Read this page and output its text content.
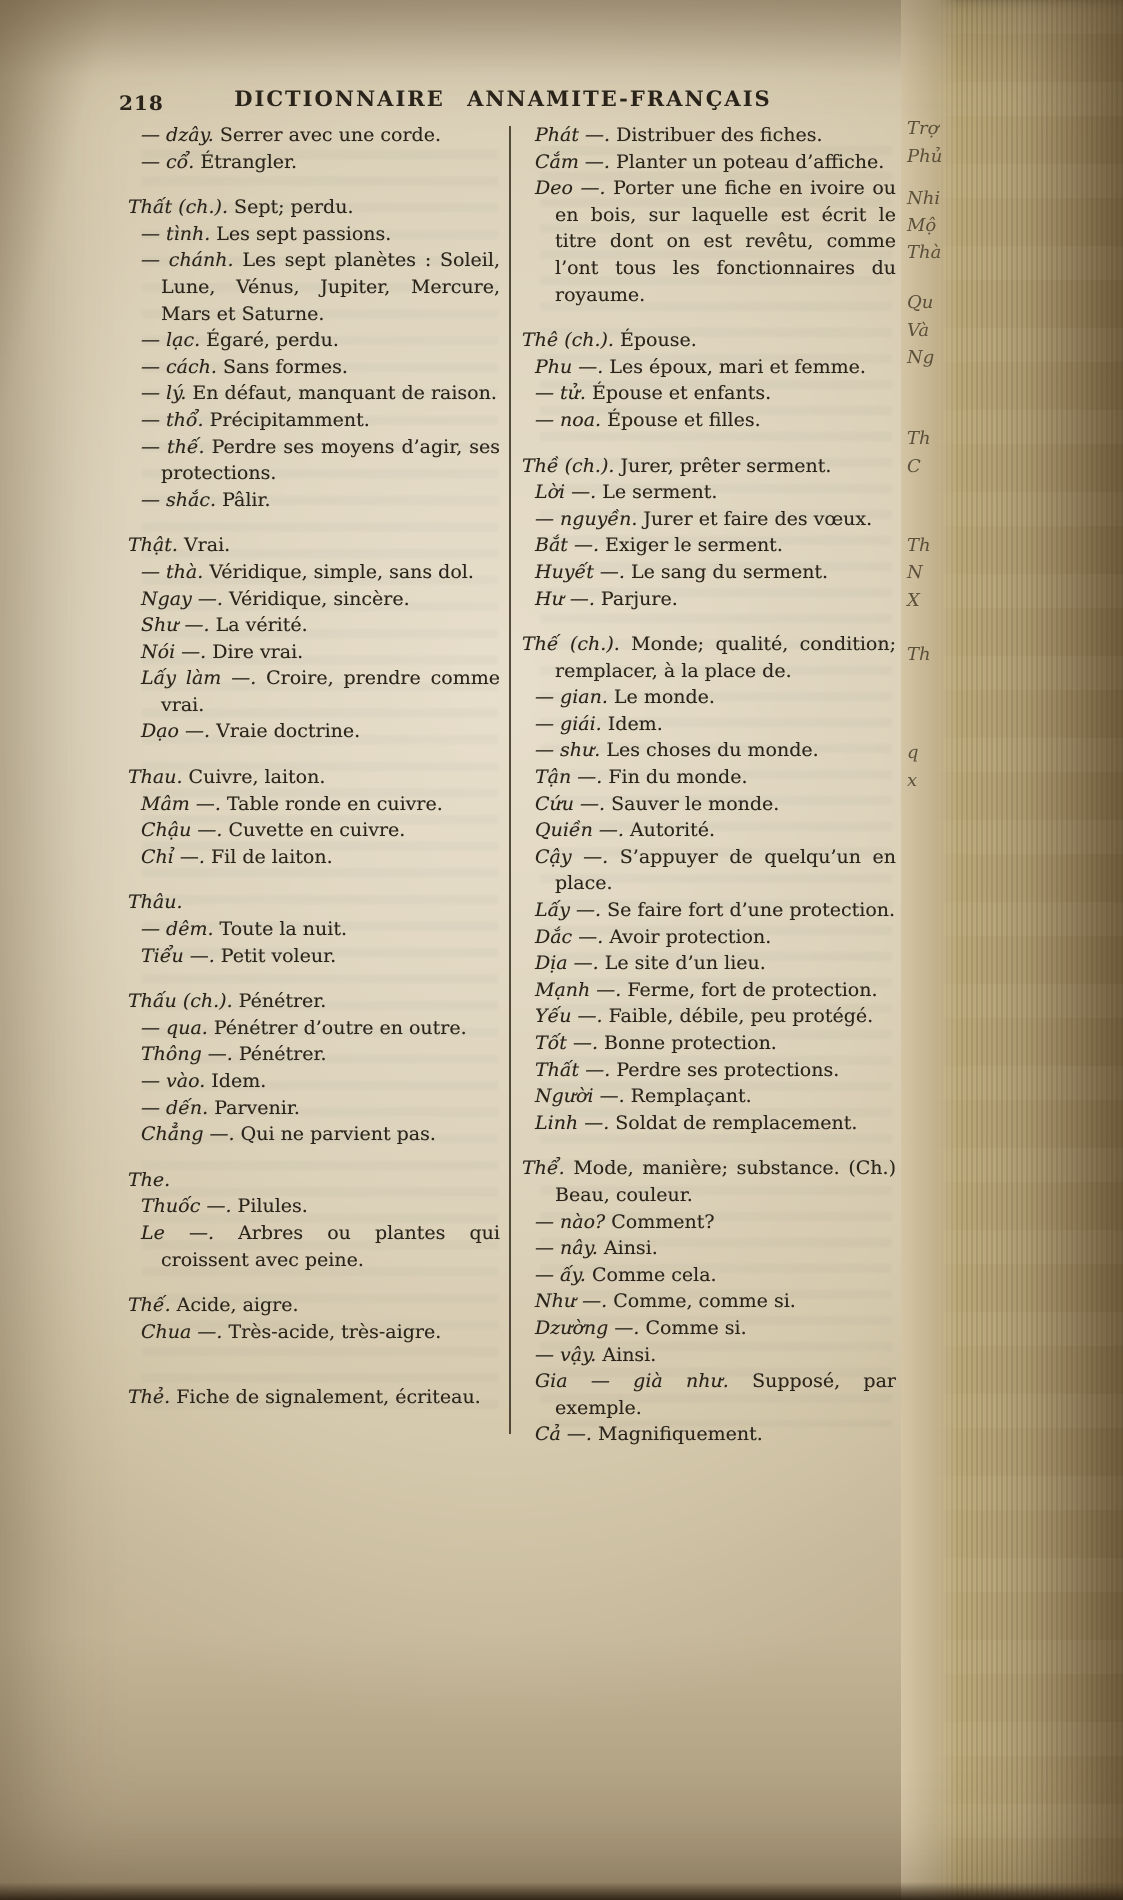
218	DICTIONNAIRE ANNAMITE-FRANÇAIS
— dzây. Serrer avec une corde.
— cổ. Étrangler.
Thất (ch.). Sept; perdu.
— tình. Les sept passions.
— chánh. Les sept planètes : Soleil, Lune, Vénus, Jupiter, Mercure, Mars et Saturne.
— lạc. Égaré, perdu.
— cách. Sans formes.
— lý. En défaut, manquant de raison.
— thổ. Précipitamment.
— thế. Perdre ses moyens d’agir, ses protections.
— shắc. Pâlir.
Thật. Vrai.
— thà. Véridique, simple, sans dol.
Ngay —. Véridique, sincère.
Shư —. La vérité.
Nói —. Dire vrai.
Lấy làm —. Croire, prendre comme vrai.
Dạo —. Vraie doctrine.
Thau. Cuivre, laiton.
Mâm —. Table ronde en cuivre.
Chậu —. Cuvette en cuivre.
Chỉ —. Fil de laiton.
Thâu.
— dêm. Toute la nuit.
Tiểu —. Petit voleur.
Thấu (ch.). Pénétrer.
— qua. Pénétrer d’outre en outre.
Thông —. Pénétrer.
— vào. Idem.
— dến. Parvenir.
Chẳng —. Qui ne parvient pas.
The.
Thuốc —. Pilules.
Le —. Arbres ou plantes qui croissent avec peine.
Thế. Acide, aigre.
Chua —. Très-acide, très-aigre.
Thẻ. Fiche de signalement, écriteau.
Phát —. Distribuer des fiches.
Cắm —. Planter un poteau d’affiche.
Deo —. Porter une fiche en ivoire ou en bois, sur laquelle est écrit le titre dont on est revêtu, comme l’ont tous les fonctionnaires du royaume.
Thê (ch.). Épouse.
Phu —. Les époux, mari et femme.
— tử. Épouse et enfants.
— noa. Épouse et filles.
Thề (ch.). Jurer, prêter serment.
Lời —. Le serment.
— nguyền. Jurer et faire des vœux.
Bắt —. Exiger le serment.
Huyết —. Le sang du serment.
Hư —. Parjure.
Thế (ch.). Monde; qualité, condition; remplacer, à la place de.
— gian. Le monde.
— giái. Idem.
— shư. Les choses du monde.
Tận —. Fin du monde.
Cứu —. Sauver le monde.
Quiền —. Autorité.
Cậy —. S’appuyer de quelqu’un en place.
Lấy —. Se faire fort d’une protection.
Dắc —. Avoir protection.
Dịa —. Le site d’un lieu.
Mạnh —. Ferme, fort de protection.
Yếu —. Faible, débile, peu protégé.
Tốt —. Bonne protection.
Thất —. Perdre ses protections.
Người —. Remplaçant.
Linh —. Soldat de remplacement.
Thể. Mode, manière; substance. (Ch.) Beau, couleur.
— nào? Comment?
— nây. Ainsi.
— ấy. Comme cela.
Như —. Comme, comme si.
Dzường —. Comme si.
— vậy. Ainsi.
Gia — già như. Supposé, par exemple.
Cả —. Magnifiquement.
Trợ
Phủ
Nhi
Mộ
Thà
Qu
Và
Ng
Th
C
Th
N
X
Th
q
x
